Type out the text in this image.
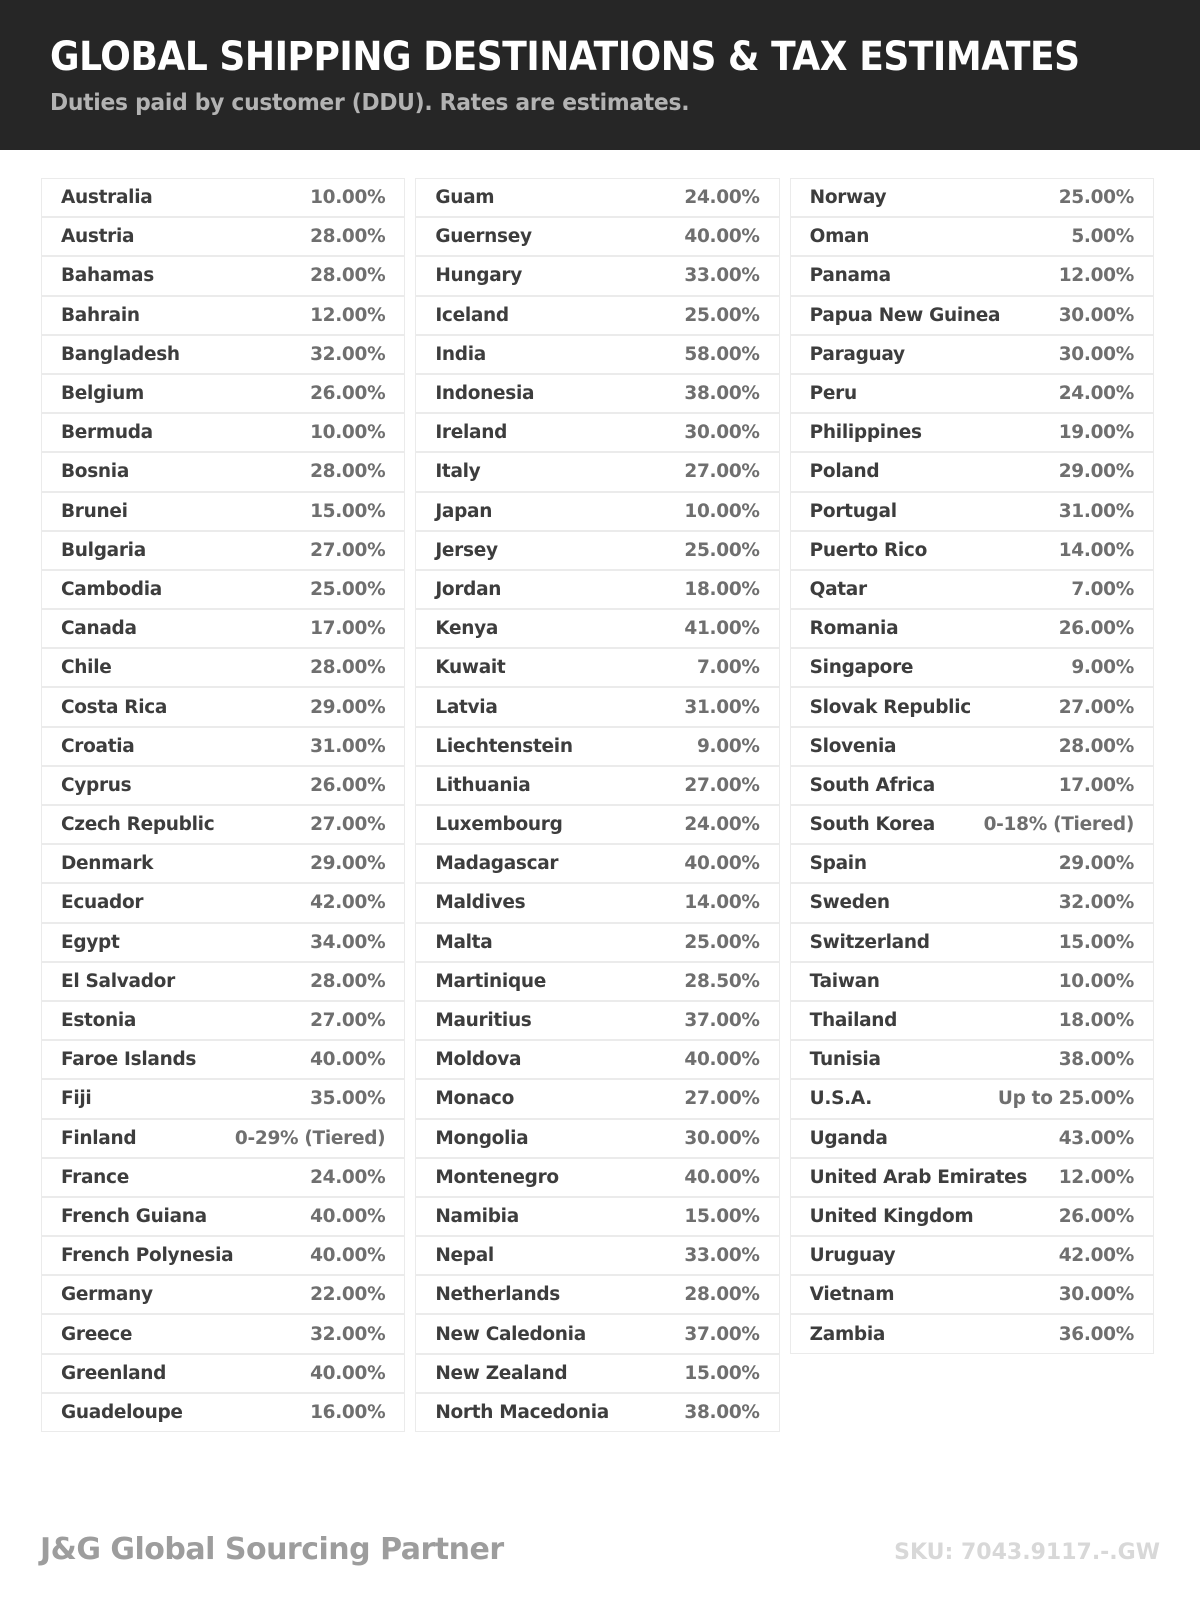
GLOBAL SHIPPING DESTINATIONS & TAX ESTIMATES

Duties paid by customer (DDU). Rates are estimates.

Australia	10.00%
Austria	28.00%
Bahamas	28.00%
Bahrain	12.00%
Bangladesh	32.00%
Belgium	26.00%
Bermuda	10.00%
Bosnia	28.00%
Brunei	15.00%
Bulgaria	27.00%
Cambodia	25.00%
Canada	17.00%
Chile	28.00%
Costa Rica	29.00%
Croatia	31.00%
Cyprus	26.00%
Czech Republic	27.00%
Denmark	29.00%
Ecuador	42.00%
Egypt	34.00%
El Salvador	28.00%
Estonia	27.00%
Faroe Islands	40.00%
Fiji	35.00%
Finland	0-29% (Tiered)
France	24.00%
French Guiana	40.00%
French Polynesia	40.00%
Germany	22.00%
Greece	32.00%
Greenland	40.00%
Guadeloupe	16.00%
Guam	24.00%
Guernsey	40.00%
Hungary	33.00%
Iceland	25.00%
India	58.00%
Indonesia	38.00%
Ireland	30.00%
Italy	27.00%
Japan	10.00%
Jersey	25.00%
Jordan	18.00%
Kenya	41.00%
Kuwait	7.00%
Latvia	31.00%
Liechtenstein	9.00%
Lithuania	27.00%
Luxembourg	24.00%
Madagascar	40.00%
Maldives	14.00%
Malta	25.00%
Martinique	28.50%
Mauritius	37.00%
Moldova	40.00%
Monaco	27.00%
Mongolia	30.00%
Montenegro	40.00%
Namibia	15.00%
Nepal	33.00%
Netherlands	28.00%
New Caledonia	37.00%
New Zealand	15.00%
North Macedonia	38.00%
Norway	25.00%
Oman	5.00%
Panama	12.00%
Papua New Guinea	30.00%
Paraguay	30.00%
Peru	24.00%
Philippines	19.00%
Poland	29.00%
Portugal	31.00%
Puerto Rico	14.00%
Qatar	7.00%
Romania	26.00%
Singapore	9.00%
Slovak Republic	27.00%
Slovenia	28.00%
South Africa	17.00%
South Korea	0-18% (Tiered)
Spain	29.00%
Sweden	32.00%
Switzerland	15.00%
Taiwan	10.00%
Thailand	18.00%
Tunisia	38.00%
U.S.A.	Up to 25.00%
Uganda	43.00%
United Arab Emirates 12.00%
United Kingdom	26.00%
Uruguay	42.00%
Vietnam	30.00%
Zambia	36.00%
J&G Global Sourcing Partner	SKU: 7043.9117.-.GW
